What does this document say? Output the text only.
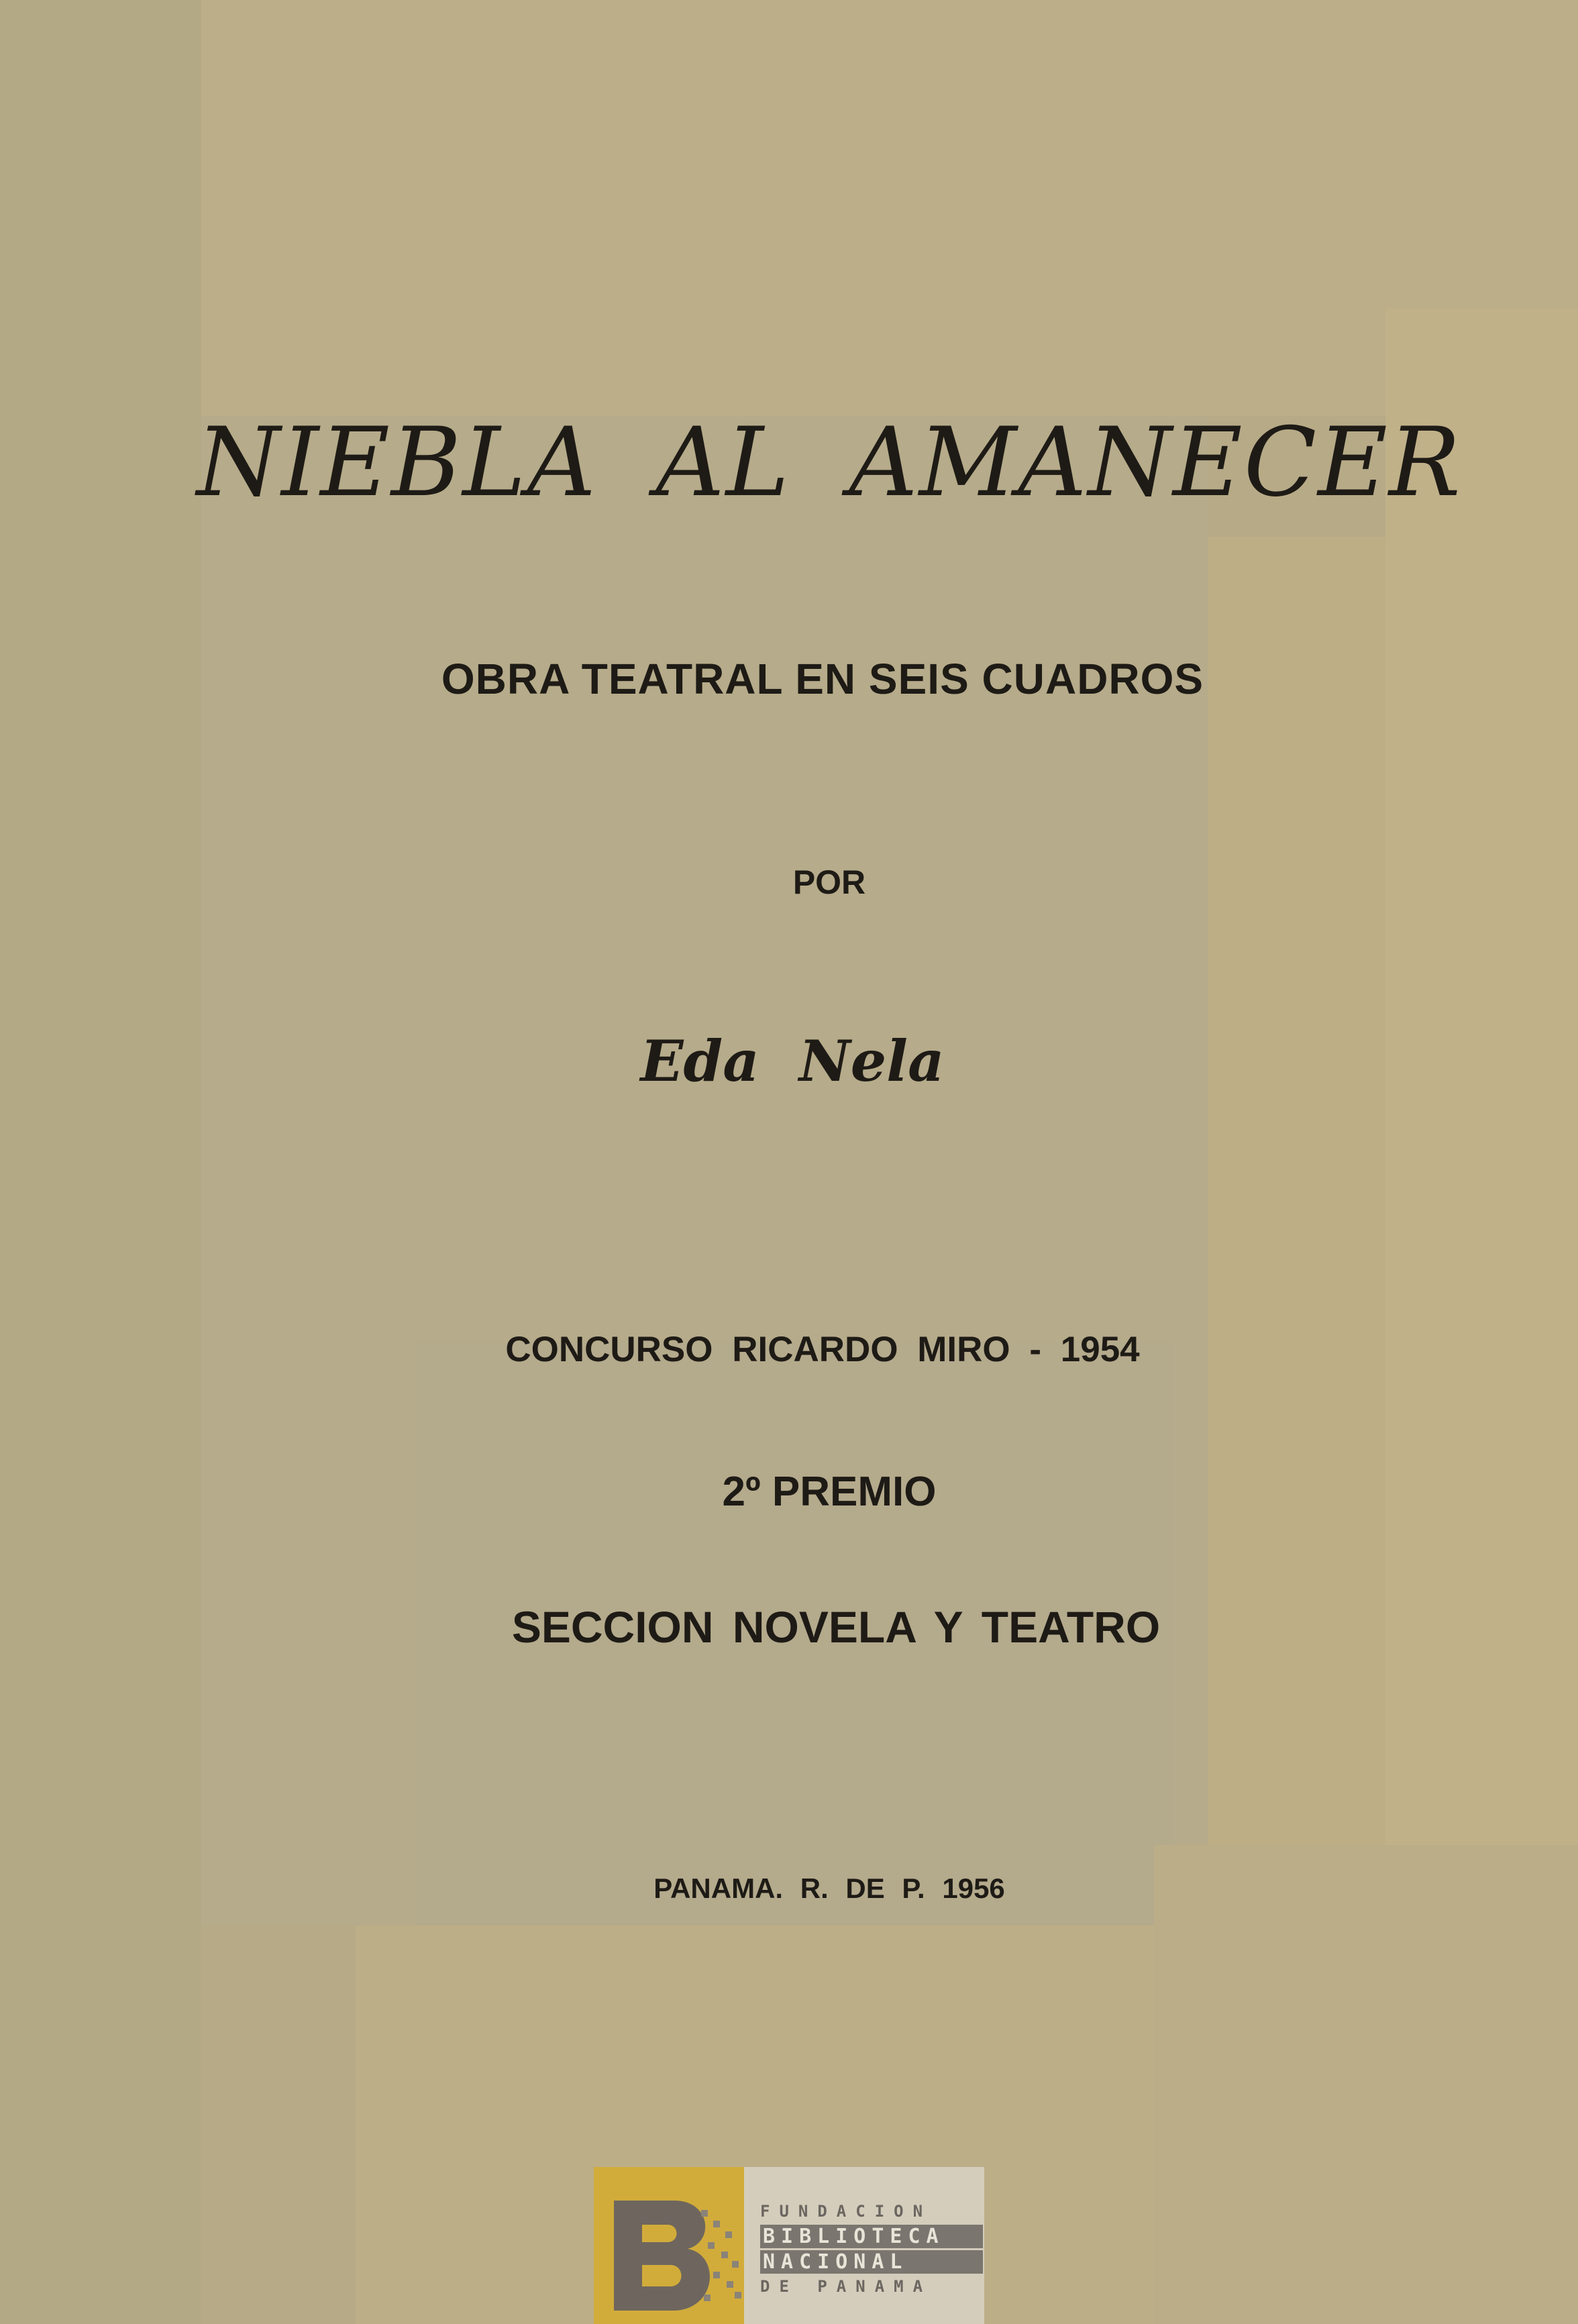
NIEBLA AL AMANECER

OBRA TEATRAL EN SEIS CUADROS

POR

Eda Nela

CONCURSO RICARDO MIRO - 1954

2º PREMIO

SECCION NOVELA Y TEATRO

PANAMA. R. DE P. 1956

FUNDACION
BIBLIOTECA
NACIONAL
DE PANAMA
